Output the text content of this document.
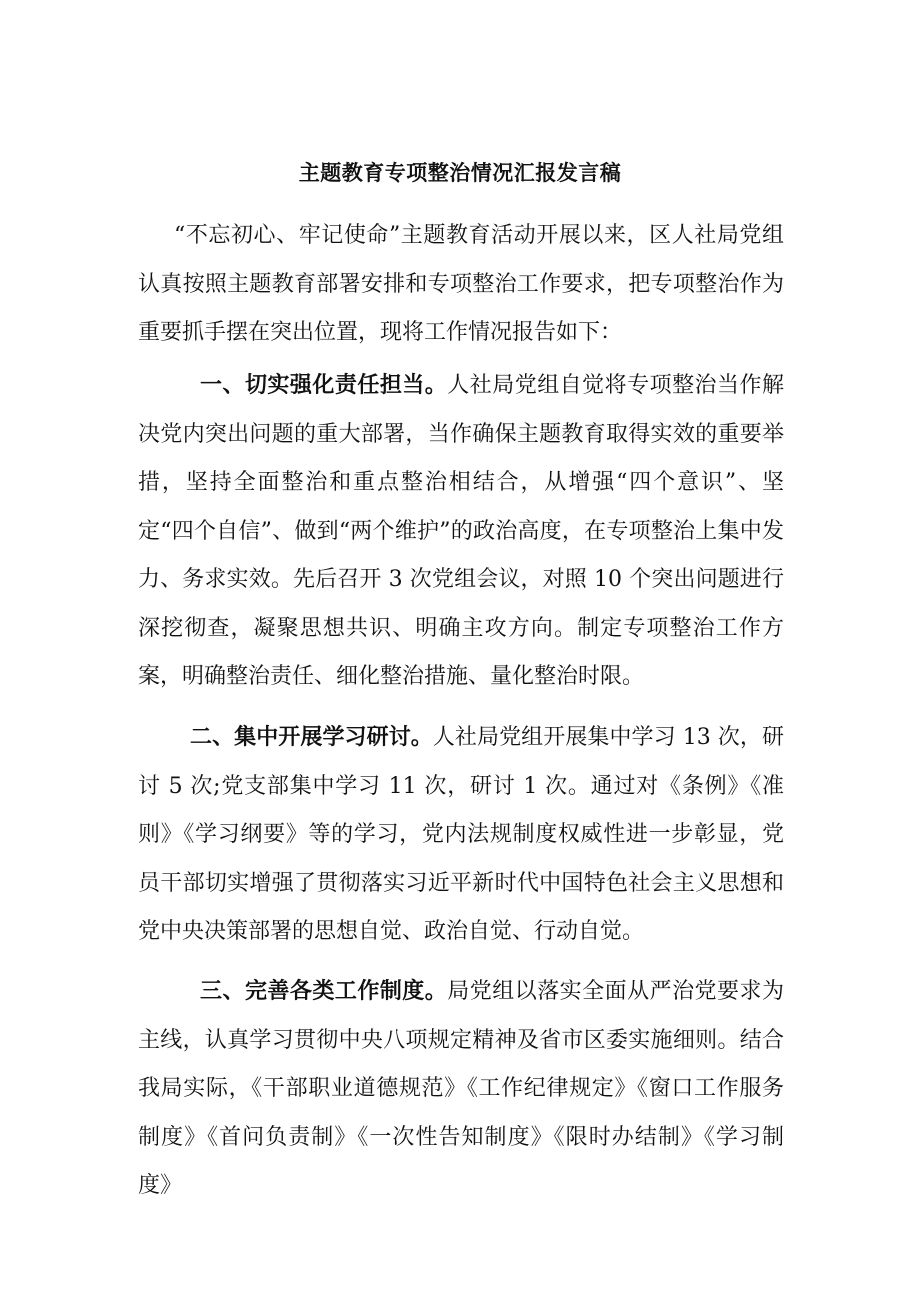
主题教育专项整治情况汇报发言稿

“不忘初心、牢记使命”主题教育活动开展以来，区人社局党组认真按照主题教育部署安排和专项整治工作要求，把专项整治作为重要抓手摆在突出位置，现将工作情况报告如下：

一、切实强化责任担当。人社局党组自觉将专项整治当作解决党内突出问题的重大部署，当作确保主题教育取得实效的重要举措，坚持全面整治和重点整治相结合，从增强“四个意识”、坚定“四个自信”、做到“两个维护”的政治高度，在专项整治上集中发力、务求实效。先后召开 3 次党组会议，对照 10 个突出问题进行深挖彻查，凝聚思想共识、明确主攻方向。制定专项整治工作方案，明确整治责任、细化整治措施、量化整治时限。

二、集中开展学习研讨。人社局党组开展集中学习 13 次，研讨 5 次;党支部集中学习 11 次，研讨 1 次。通过对《条例》《准则》《学习纲要》等的学习，党内法规制度权威性进一步彰显，党员干部切实增强了贯彻落实习近平新时代中国特色社会主义思想和党中央决策部署的思想自觉、政治自觉、行动自觉。

三、完善各类工作制度。局党组以落实全面从严治党要求为主线，认真学习贯彻中央八项规定精神及省市区委实施细则。结合我局实际，《干部职业道德规范》《工作纪律规定》《窗口工作服务制度》《首问负责制》《一次性告知制度》《限时办结制》《学习制度》
